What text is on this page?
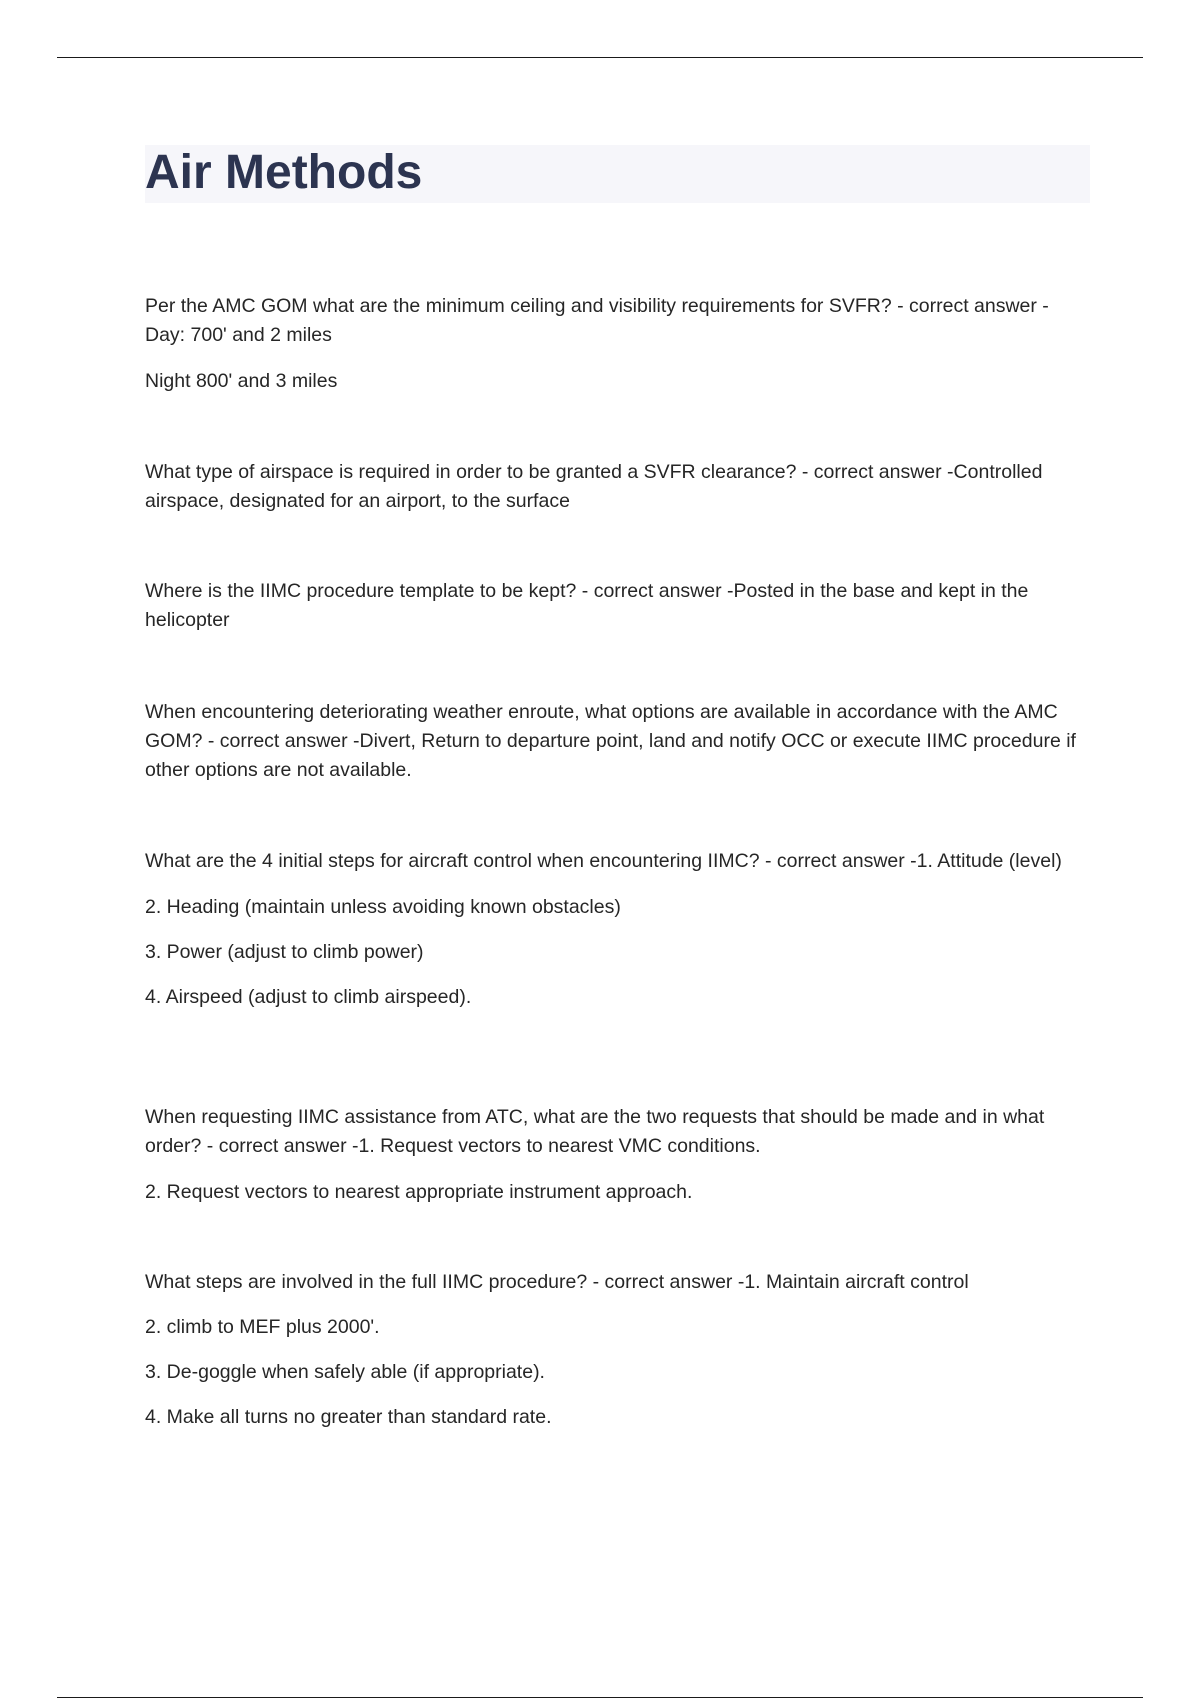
Air Methods

Per the AMC GOM what are the minimum ceiling and visibility requirements for SVFR? - correct answer - Day: 700' and 2 miles

Night 800' and 3 miles

What type of airspace is required in order to be granted a SVFR clearance? - correct answer -Controlled airspace, designated for an airport, to the surface

Where is the IIMC procedure template to be kept? - correct answer -Posted in the base and kept in the helicopter

When encountering deteriorating weather enroute, what options are available in accordance with the AMC GOM? - correct answer -Divert, Return to departure point, land and notify OCC or execute IIMC procedure if other options are not available.

What are the 4 initial steps for aircraft control when encountering IIMC? - correct answer -1. Attitude (level)

2. Heading (maintain unless avoiding known obstacles)

3. Power (adjust to climb power)

4. Airspeed (adjust to climb airspeed).

When requesting IIMC assistance from ATC, what are the two requests that should be made and in what order? - correct answer -1. Request vectors to nearest VMC conditions.

2. Request vectors to nearest appropriate instrument approach.

What steps are involved in the full IIMC procedure? - correct answer -1. Maintain aircraft control

2. climb to MEF plus 2000'.

3. De-goggle when safely able (if appropriate).

4. Make all turns no greater than standard rate.
